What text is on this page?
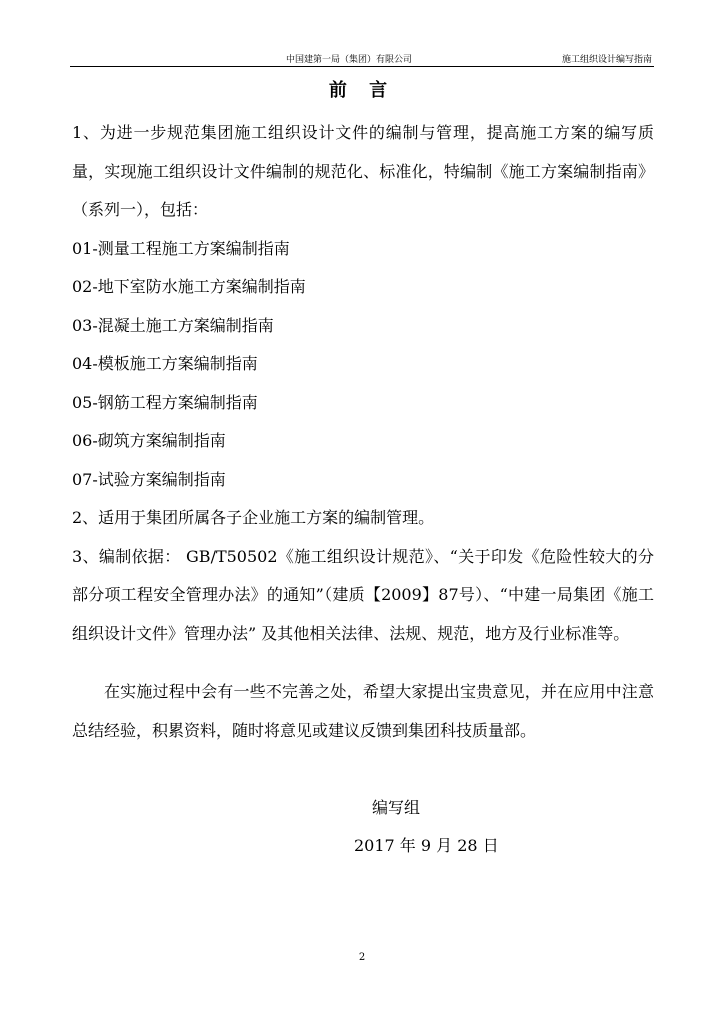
中国建第一局（集团）有限公司	施工组织设计编写指南
前 言

1、为进一步规范集团施工组织设计文件的编制与管理，提高施工方案的编写质量，实现施工组织设计文件编制的规范化、标准化，特编制《施工方案编制指南》（系列一），包括：

01-测量工程施工方案编制指南

02-地下室防水施工方案编制指南

03-混凝土施工方案编制指南

04-模板施工方案编制指南

05-钢筋工程方案编制指南

06-砌筑方案编制指南

07-试验方案编制指南

2、适用于集团所属各子企业施工方案的编制管理。

3、编制依据： GB/T50502《施工组织设计规范》、“关于印发《危险性较大的分部分项工程安全管理办法》的通知”（建质【2009】87号）、“中建一局集团《施工组织设计文件》管理办法” 及其他相关法律、法规、规范，地方及行业标准等。

在实施过程中会有一些不完善之处，希望大家提出宝贵意见，并在应用中注意总结经验，积累资料，随时将意见或建议反馈到集团科技质量部。

编写组
2017 年 9 月 28 日
2
